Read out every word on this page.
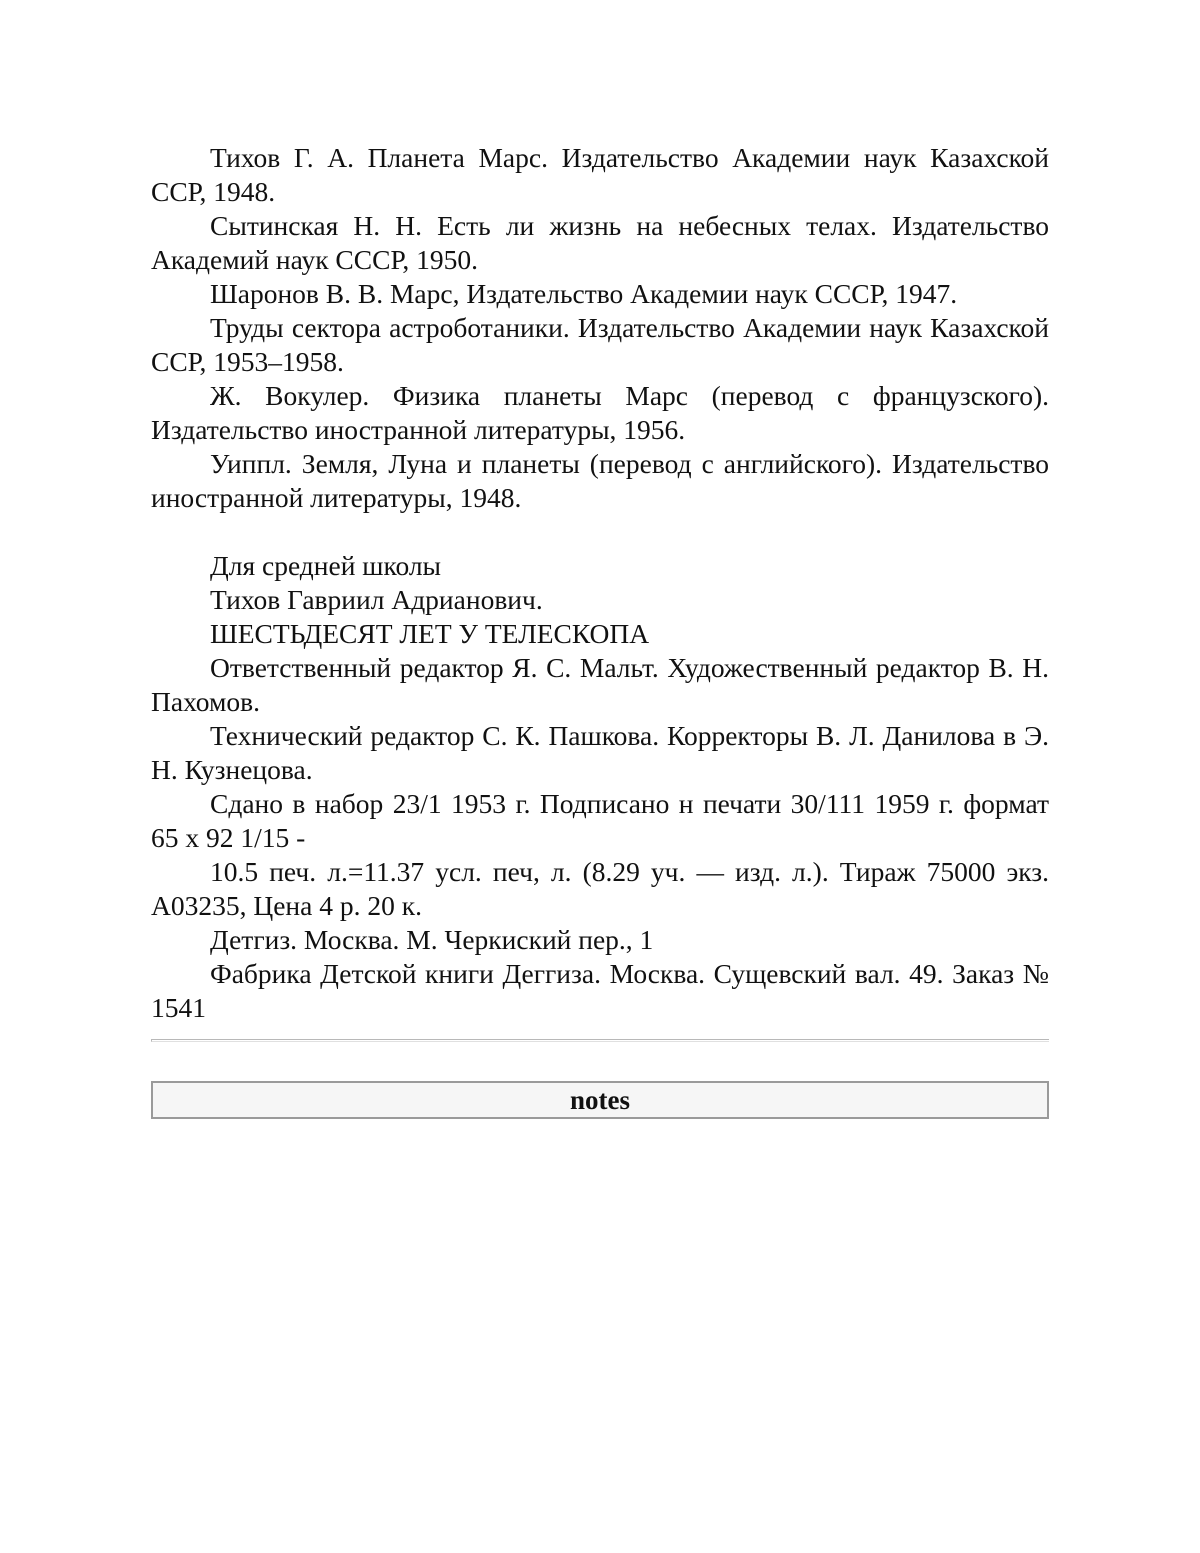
Тихов Г. А. Планета Марс. Издательство Академии наук Казахской ССР, 1948.

Сытинская Н. Н. Есть ли жизнь на небесных телах. Издательство Академий наук СССР, 1950.

Шаронов В. В. Марс, Издательство Академии наук СССР, 1947.

Труды сектора астроботаники. Издательство Академии наук Казахской ССР, 1953–1958.

Ж. Вокулер. Физика планеты Марс (перевод с французского). Издательство иностранной литературы, 1956.

Уиппл. Земля, Луна и планеты (перевод с английского). Издательство иностранной литературы, 1948.

Для средней школы

Тихов Гавриил Адрианович.

ШЕСТЬДЕСЯТ ЛЕТ У ТЕЛЕСКОПА

Ответственный редактор Я. С. Мальт. Художественный редактор В. Н. Пахомов.

Технический редактор С. К. Пашкова. Корректоры В. Л. Данилова в Э. Н. Кузнецова.

Сдано в набор 23/1 1953 г. Подписано н печати 30/111 1959 г. формат 65 х 92 1/15 -

10.5 печ. л.=11.37 усл. печ, л. (8.29 уч. — изд. л.). Тираж 75000 экз. А03235, Цена 4 р. 20 к.

Детгиз. Москва. М. Черкиский пер., 1

Фабрика Детской книги Деггиза. Москва. Сущевский вал. 49. Заказ № 1541

notes
